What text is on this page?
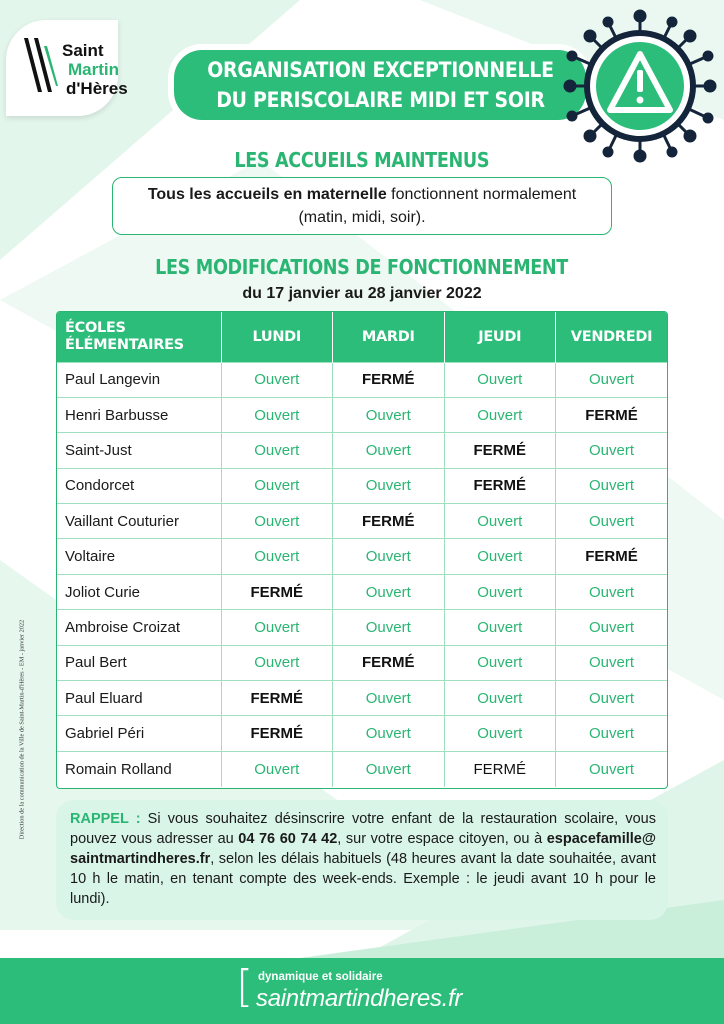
Saint
Martin
d'Hères
ORGANISATION EXCEPTIONNELLE
DU PERISCOLAIRE MIDI ET SOIR
LES ACCUEILS MAINTENUS
Tous les accueils en maternelle fonctionnent normalement
(matin, midi, soir).
LES MODIFICATIONS DE FONCTIONNEMENT
du 17 janvier au 28 janvier 2022
ÉCOLES
ÉLÉMENTAIRES	LUNDI	MARDI	JEUDI	VENDREDI
Paul Langevin	Ouvert	FERMÉ	Ouvert	Ouvert
Henri Barbusse	Ouvert	Ouvert	Ouvert	FERMÉ
Saint-Just	Ouvert	Ouvert	FERMÉ	Ouvert
Condorcet	Ouvert	Ouvert	FERMÉ	Ouvert
Vaillant Couturier	Ouvert	FERMÉ	Ouvert	Ouvert
Voltaire	Ouvert	Ouvert	Ouvert	FERMÉ
Joliot Curie	FERMÉ	Ouvert	Ouvert	Ouvert
Ambroise Croizat	Ouvert	Ouvert	Ouvert	Ouvert
Paul Bert	Ouvert	FERMÉ	Ouvert	Ouvert
Paul Eluard	FERMÉ	Ouvert	Ouvert	Ouvert
Gabriel Péri	FERMÉ	Ouvert	Ouvert	Ouvert
Romain Rolland	Ouvert	Ouvert	FERMÉ	Ouvert
RAPPEL : Si vous souhaitez désinscrire votre enfant de la restauration scolaire, vous pouvez vous adresser au 04 76 60 74 42, sur votre espace citoyen, ou à espacefamille@ saintmartindheres.fr, selon les délais habituels (48 heures avant la date souhaitée, avant 10 h le matin, en tenant compte des week-ends. Exemple : le jeudi avant 10 h pour le lundi).
Direction de la communication de la Ville de Saint-Martin-d'Hères - EM - janvier 2022
[ dynamique et solidaire
saintmartindheres.fr
